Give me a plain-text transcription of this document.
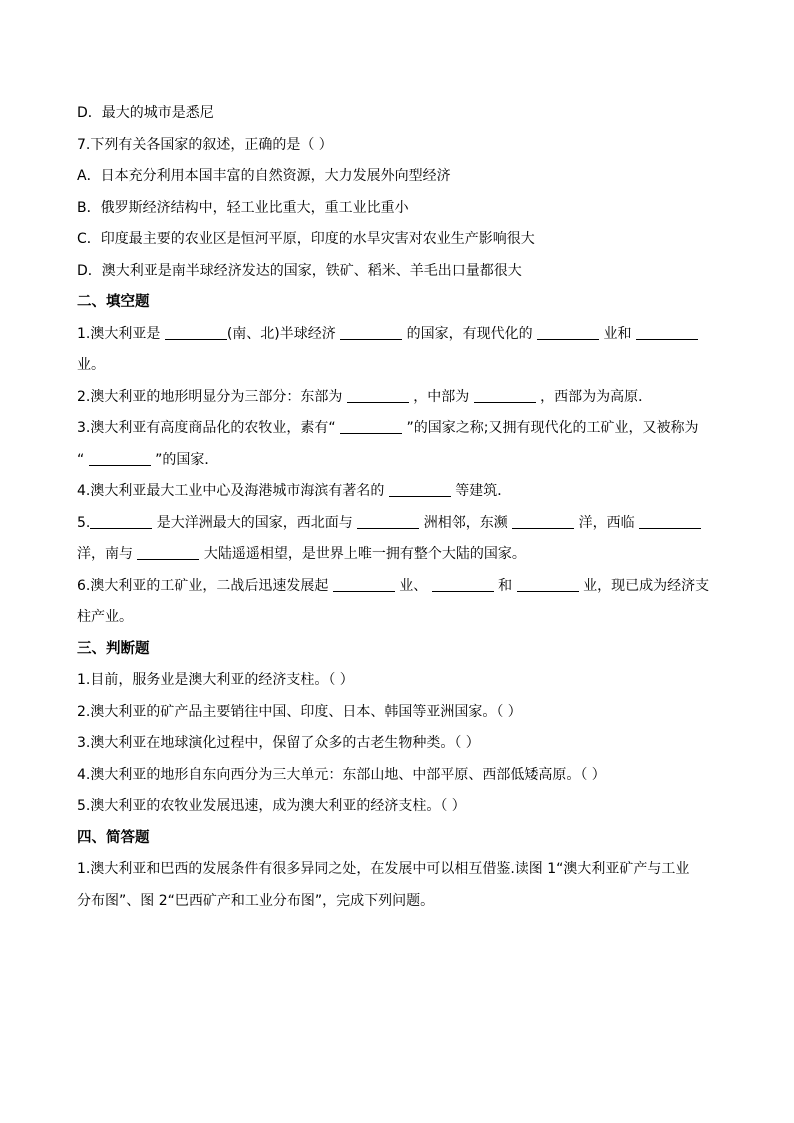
D．最大的城市是悉尼
7.下列有关各国家的叙述，正确的是（ ）
A．日本充分利用本国丰富的自然资源，大力发展外向型经济
B．俄罗斯经济结构中，轻工业比重大，重工业比重小
C．印度最主要的农业区是恒河平原，印度的水旱灾害对农业生产影响很大
D．澳大利亚是南半球经济发达的国家，铁矿、稻米、羊毛出口量都很大
二、填空题
1.澳大利亚是	(南、北)半球经济	的国家，有现代化的	业和
业。
2.澳大利亚的地形明显分为三部分：东部为	，中部为	，西部为为高原．
3.澳大利亚有高度商品化的农牧业，素有“	”的国家之称;又拥有现代化的工矿业，又被称为
“	”的国家．
4.澳大利亚最大工业中心及海港城市海滨有著名的	等建筑．
5.	是大洋洲最大的国家，西北面与	洲相邻，东濒	洋，西临
洋，南与	大陆遥遥相望，是世界上唯一拥有整个大陆的国家。
6.澳大利亚的工矿业，二战后迅速发展起	业、	和	业，现已成为经济支
柱产业。
三、判断题
1.目前，服务业是澳大利亚的经济支柱。（ ）
2.澳大利亚的矿产品主要销往中国、印度、日本、韩国等亚洲国家。（ ）
3.澳大利亚在地球演化过程中，保留了众多的古老生物种类。（ ）
4.澳大利亚的地形自东向西分为三大单元：东部山地、中部平原、西部低矮高原。（ ）
5.澳大利亚的农牧业发展迅速，成为澳大利亚的经济支柱。（ ）
四、简答题
1.澳大利亚和巴西的发展条件有很多异同之处，在发展中可以相互借鉴.读图 1“澳大利亚矿产与工业
分布图”、图 2“巴西矿产和工业分布图”，完成下列问题。
